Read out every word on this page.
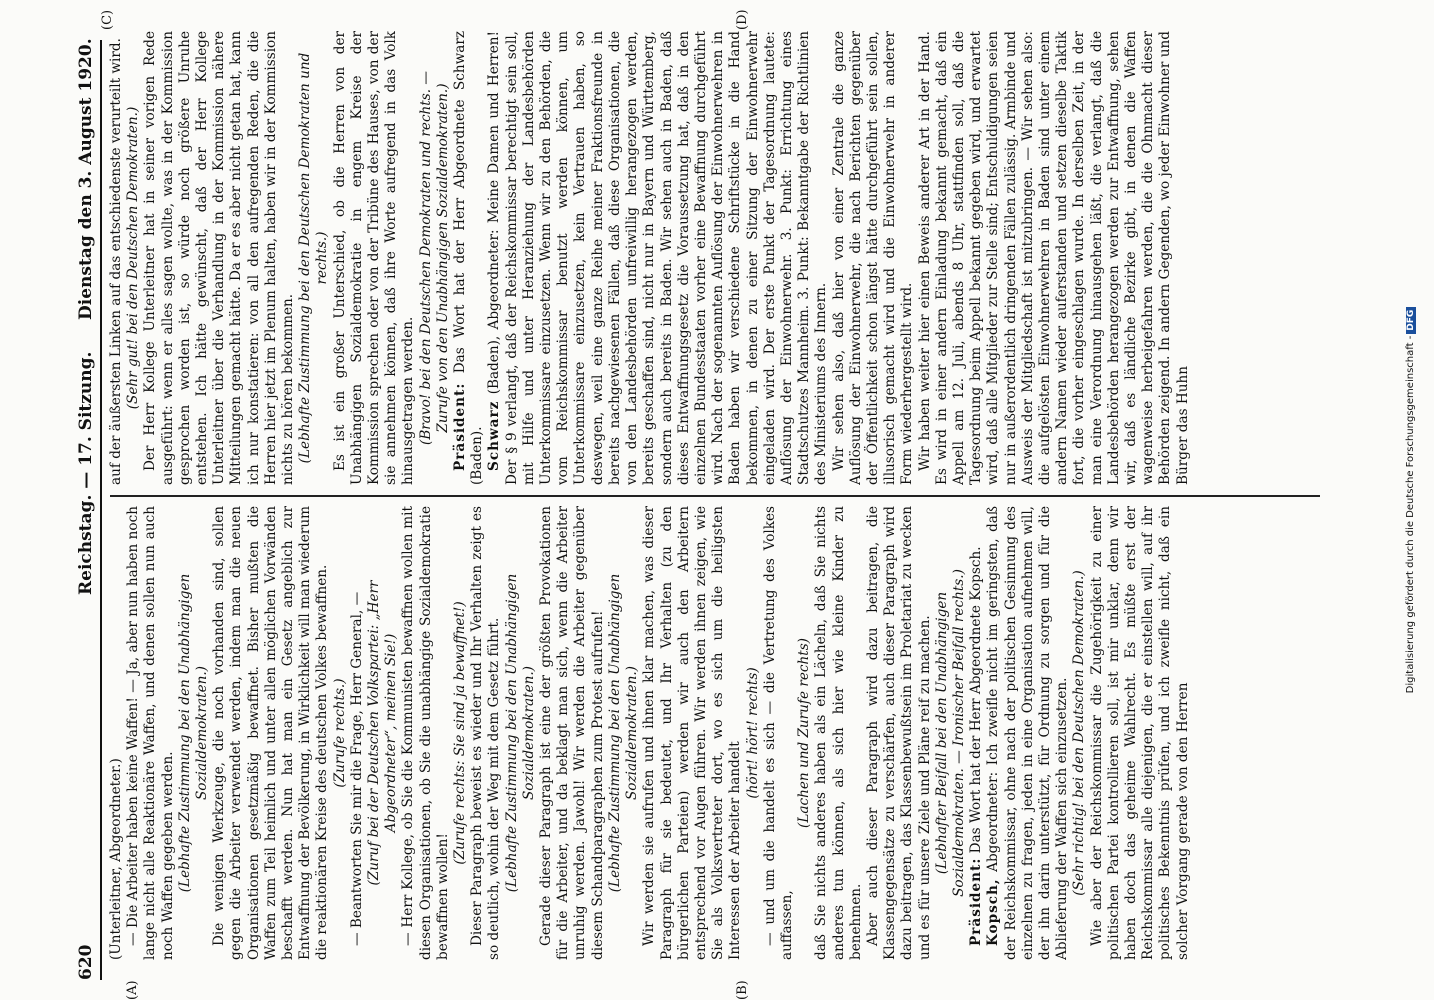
620
Reichstag. — 17. Sitzung.
Dienstag den 3. August 1920.
(A)	(B)
(C)	(D)

(Unterleitner, Abgeordneter.) — Die Arbeiter haben keine Waffen! — Ja, aber nun haben noch lange nicht alle Reaktionäre Waffen, und denen sollen nun auch noch Waffen gegeben werden. (Lebhafte Zustimmung bei den Unabhängigen Sozialdemokraten.) Die wenigen Werkzeuge, die noch vorhanden sind, sollen gegen die Arbeiter verwendet werden, indem man die neuen Organisationen gesetzmäßig bewaffnet. Bisher mußten die Waffen zum Teil heimlich und unter allen möglichen Vorwänden beschafft werden. Nun hat man ein Gesetz angeblich zur Entwaffnung der Bevölkerung, in Wirklichkeit will man wiederum die reaktionären Kreise des deutschen Volkes bewaffnen. (Zurufe rechts.) — Beantworten Sie mir die Frage, Herr General, — (Zuruf bei der Deutschen Volkspartei: „Herr Abgeordneter“, meinen Sie!) — Herr Kollege, ob Sie die Kommunisten bewaffnen wollen mit diesen Organisationen, ob Sie die unabhängige Sozialdemokratie bewaffnen wollen!

(Zurufe rechts: Sie sind ja bewaffnet!) Dieser Paragraph beweist es wieder und Ihr Verhalten zeigt es so deutlich, wohin der Weg mit dem Gesetz führt. (Lebhafte Zustimmung bei den Unabhängigen Sozialdemokraten.) Gerade dieser Paragraph ist eine der größten Provokationen für die Arbeiter, und da beklagt man sich, wenn die Arbeiter unruhig werden. Jawohl! Wir werden die Arbeiter gegenüber diesem Schandparagraphen zum Protest aufrufen! (Lebhafte Zustimmung bei den Unabhängigen Sozialdemokraten.) Wir werden sie aufrufen und ihnen klar machen, was dieser Paragraph für sie bedeutet, und Ihr Verhalten (zu den bürgerlichen Parteien) werden wir auch den Arbeitern entsprechend vor Augen führen. Wir werden ihnen zeigen, wie Sie als Volksvertreter dort, wo es sich um die heiligsten Interessen der Arbeiter handelt

(hört! hört! rechts) — und um die handelt es sich — die Vertretung des Volkes auffassen,

(Lachen und Zurufe rechts) daß Sie nichts anderes haben als ein Lächeln, daß Sie nichts anderes tun können, als sich hier wie kleine Kinder zu benehmen. Aber auch dieser Paragraph wird dazu beitragen, die Klassengegensätze zu verschärfen, auch dieser Paragraph wird dazu beitragen, das Klassenbewußtsein im Proletariat zu wecken und es für unsere Ziele und Pläne reif zu machen. (Lebhafter Beifall bei den Unabhängigen Sozialdemokraten. — Ironischer Beifall rechts.)

Präsident: Das Wort hat der Herr Abgeordnete Kopsch.

Kopsch, Abgeordneter: Ich zweifle nicht im geringsten, daß der Reichskommissar, ohne nach der politischen Gesinnung des einzelnen zu fragen, jeden in eine Organisation aufnehmen will, der ihn darin unterstützt, für Ordnung zu sorgen und für die Ablieferung der Waffen sich einzusetzen. (Sehr richtig! bei den Deutschen Demokraten.) Wie aber der Reichskommissar die Zugehörigkeit zu einer politischen Partei kontrollieren soll, ist mir unklar, denn wir haben doch das geheime Wahlrecht. Es müßte erst der Reichskommissar alle diejenigen, die er einstellen will, auf ihr politisches Bekenntnis prüfen, und ich zweifle nicht, daß ein solcher Vorgang gerade von den Herren

auf der äußersten Linken auf das entschiedenste verurteilt wird. (Sehr gut! bei den Deutschen Demokraten.) Der Herr Kollege Unterleitner hat in seiner vorigen Rede ausgeführt: wenn er alles sagen wollte, was in der Kommission gesprochen worden ist, so würde noch größere Unruhe entstehen. Ich hätte gewünscht, daß der Herr Kollege Unterleitner über die Verhandlung in der Kommission nähere Mitteilungen gemacht hätte. Da er es aber nicht getan hat, kann ich nur konstatieren: von all den aufregenden Reden, die die Herren hier jetzt im Plenum halten, haben wir in der Kommission nichts zu hören bekommen. (Lebhafte Zustimmung bei den Deutschen Demokraten und rechts.) Es ist ein großer Unterschied, ob die Herren von der Unabhängigen Sozialdemokratie in engem Kreise der Kommission sprechen oder von der Tribüne des Hauses, von der sie annehmen können, daß ihre Worte aufregend in das Volk hinausgetragen werden. (Bravo! bei den Deutschen Demokraten und rechts. — Zurufe von den Unabhängigen Sozialdemokraten.) Präsident: Das Wort hat der Herr Abgeordnete Schwarz (Baden). Schwarz (Baden), Abgeordneter: Meine Damen und Herren! Der § 9 verlangt, daß der Reichskommissar berechtigt sein soll, mit Hilfe und unter Heranziehung der Landesbehörden Unterkommissare einzusetzen. Wenn wir zu den Behörden, die vom Reichskommissar benutzt werden können, um Unterkommissare einzusetzen, kein Vertrauen haben, so deswegen, weil eine ganze Reihe meiner Fraktionsfreunde in bereits nachgewiesenen Fällen, daß diese Organisationen, die von den Landesbehörden unfreiwillig herangezogen werden, bereits geschaffen sind, nicht nur in Bayern und Württemberg, sondern auch bereits in Baden. Wir sehen auch in Baden, daß dieses Entwaffnungsgesetz die Voraussetzung hat, daß in den einzelnen Bundesstaaten vorher eine Bewaffnung durchgeführt wird. Nach der sogenannten Auflösung der Einwohnerwehren in Baden haben wir verschiedene Schriftstücke in die Hand bekommen, in denen zu einer Sitzung der Einwohnerwehr eingeladen wird. Der erste Punkt der Tagesordnung lautete: Auflösung der Einwohnerwehr. 3. Punkt: Errichtung eines Stadtschutzes Mannheim. 3. Punkt: Bekanntgabe der Richtlinien des Ministeriums des Innern. Wir sehen also, daß hier von einer Zentrale die ganze Auflösung der Einwohnerwehr, die nach Berichten gegenüber der Öffentlichkeit schon längst hätte durchgeführt sein sollen, illusorisch gemacht wird und die Einwohnerwehr in anderer Form wiederhergestellt wird. Wir haben weiter hier einen Beweis anderer Art in der Hand. Es wird in einer andern Einladung bekannt gemacht, daß ein Appell am 12. Juli, abends 8 Uhr, stattfinden soll, daß die Tagesordnung beim Appell bekannt gegeben wird, und erwartet wird, daß alle Mitglieder zur Stelle sind; Entschuldigungen seien nur in außerordentlich dringenden Fällen zulässig. Armbinde und Ausweis der Mitgliedschaft ist mitzubringen. — Wir sehen also: die aufgelösten Einwohnerwehren in Baden sind unter einem andern Namen wieder auferstanden und setzen dieselbe Taktik fort, die vorher eingeschlagen wurde. In derselben Zeit, in der man eine Verordnung hinausgehen läßt, die verlangt, daß die Landesbehörden herangezogen werden zur Entwaffnung, sehen wir, daß es ländliche Bezirke gibt, in denen die Waffen wagenweise herbeigefahren werden, die die Ohnmacht dieser Behörden zeigend. In andern Gegenden, wo jeder Einwohner und Bürger das Huhn	Digitalisierung gefördert durch die Deutsche Forschungsgemeinschaft -DFG
